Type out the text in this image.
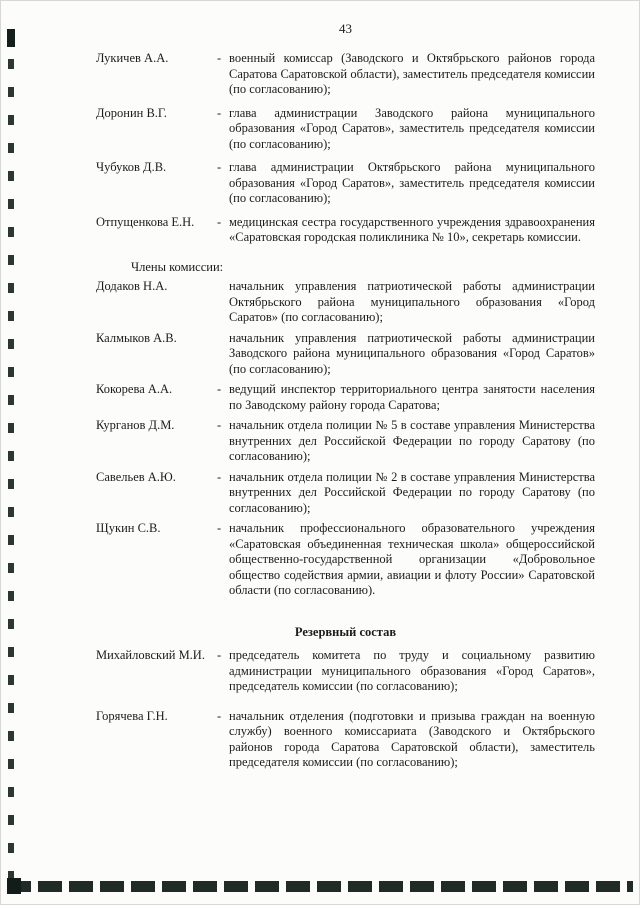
43
Лукичев А.А.	- военный комиссар (Заводского и Октябрьского районов города Саратова Саратовской области), заместитель председателя комиссии (по согласованию);
Доронин В.Г.	- глава администрации Заводского района муниципального образования «Город Саратов», заместитель председателя комиссии (по согласованию);
Чубуков Д.В.	- глава администрации Октябрьского района муниципального образования «Город Саратов», заместитель председателя комиссии (по согласованию);
Отпущенкова Е.Н.	- медицинская сестра государственного учреждения здравоохранения «Саратовская городская поликлиника № 10», секретарь комиссии.
Члены комиссии:
Додаков Н.А.	начальник управления патриотической работы администрации Октябрьского района муниципального образования «Город Саратов» (по согласованию);
Калмыков А.В.	начальник управления патриотической работы администрации Заводского района муниципального образования «Город Саратов» (по согласованию);
Кокорева А.А.	- ведущий инспектор территориального центра занятости населения по Заводскому району города Саратова;
Курганов Д.М.	- начальник отдела полиции № 5 в составе управления Министерства внутренних дел Российской Федерации по городу Саратову (по согласованию);
Савельев А.Ю.	- начальник отдела полиции № 2 в составе управления Министерства внутренних дел Российской Федерации по городу Саратову (по согласованию);
Щукин С.В.	- начальник профессионального образовательного учреждения «Саратовская объединенная техническая школа» общероссийской общественно-государственной организации «Добровольное общество содействия армии, авиации и флоту России» Саратовской области (по согласованию).
Резервный состав
Михайловский М.И. - председатель комитета по труду и социальному развитию администрации муниципального образования «Город Саратов», председатель комиссии (по согласованию);
Горячева Г.Н.	- начальник отделения (подготовки и призыва граждан на военную службу) военного комиссариата (Заводского и Октябрьского районов города Саратова Саратовской области), заместитель председателя комиссии (по согласованию);
